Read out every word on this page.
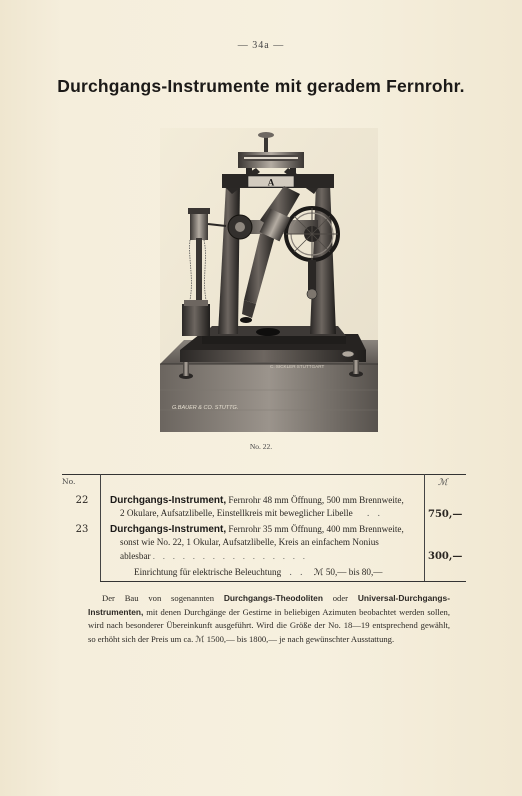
— 34a —
Durchgangs-Instrumente mit geradem Fernrohr.
G.BAUER & CO. STUTTG.
C. SICKLER STUTTGART
A
No. 22.
No.	ℳ
22	Durchgangs-Instrument, Fernrohr 48 mm Öffnung, 500 mm Brennweite,
2 Okulare, Aufsatzlibelle, Einstellkreis mit beweglicher Libelle . .	750,—
23	Durchgangs-Instrument, Fernrohr 35 mm Öffnung, 400 mm Brennweite,
sonst wie No. 22, 1 Okular, Aufsatzlibelle, Kreis an einfachem Nonius
ablesbar . . . . . . . . . . . . . . . .	300,—
Einrichtung für elektrische Beleuchtung . . ℳ 50,— bis 80,—
Der Bau von sogenannten Durchgangs-Theodoliten oder Universal-Durchgangs-Instrumenten, mit denen Durchgänge der Gestirne in beliebigen Azimuten beobachtet werden sollen, wird nach besonderer Übereinkunft ausgeführt. Wird die Größe der No. 18—19 entsprechend gewählt, so erhöht sich der Preis um ca. ℳ 1500,— bis 1800,— je nach gewünschter Ausstattung.
